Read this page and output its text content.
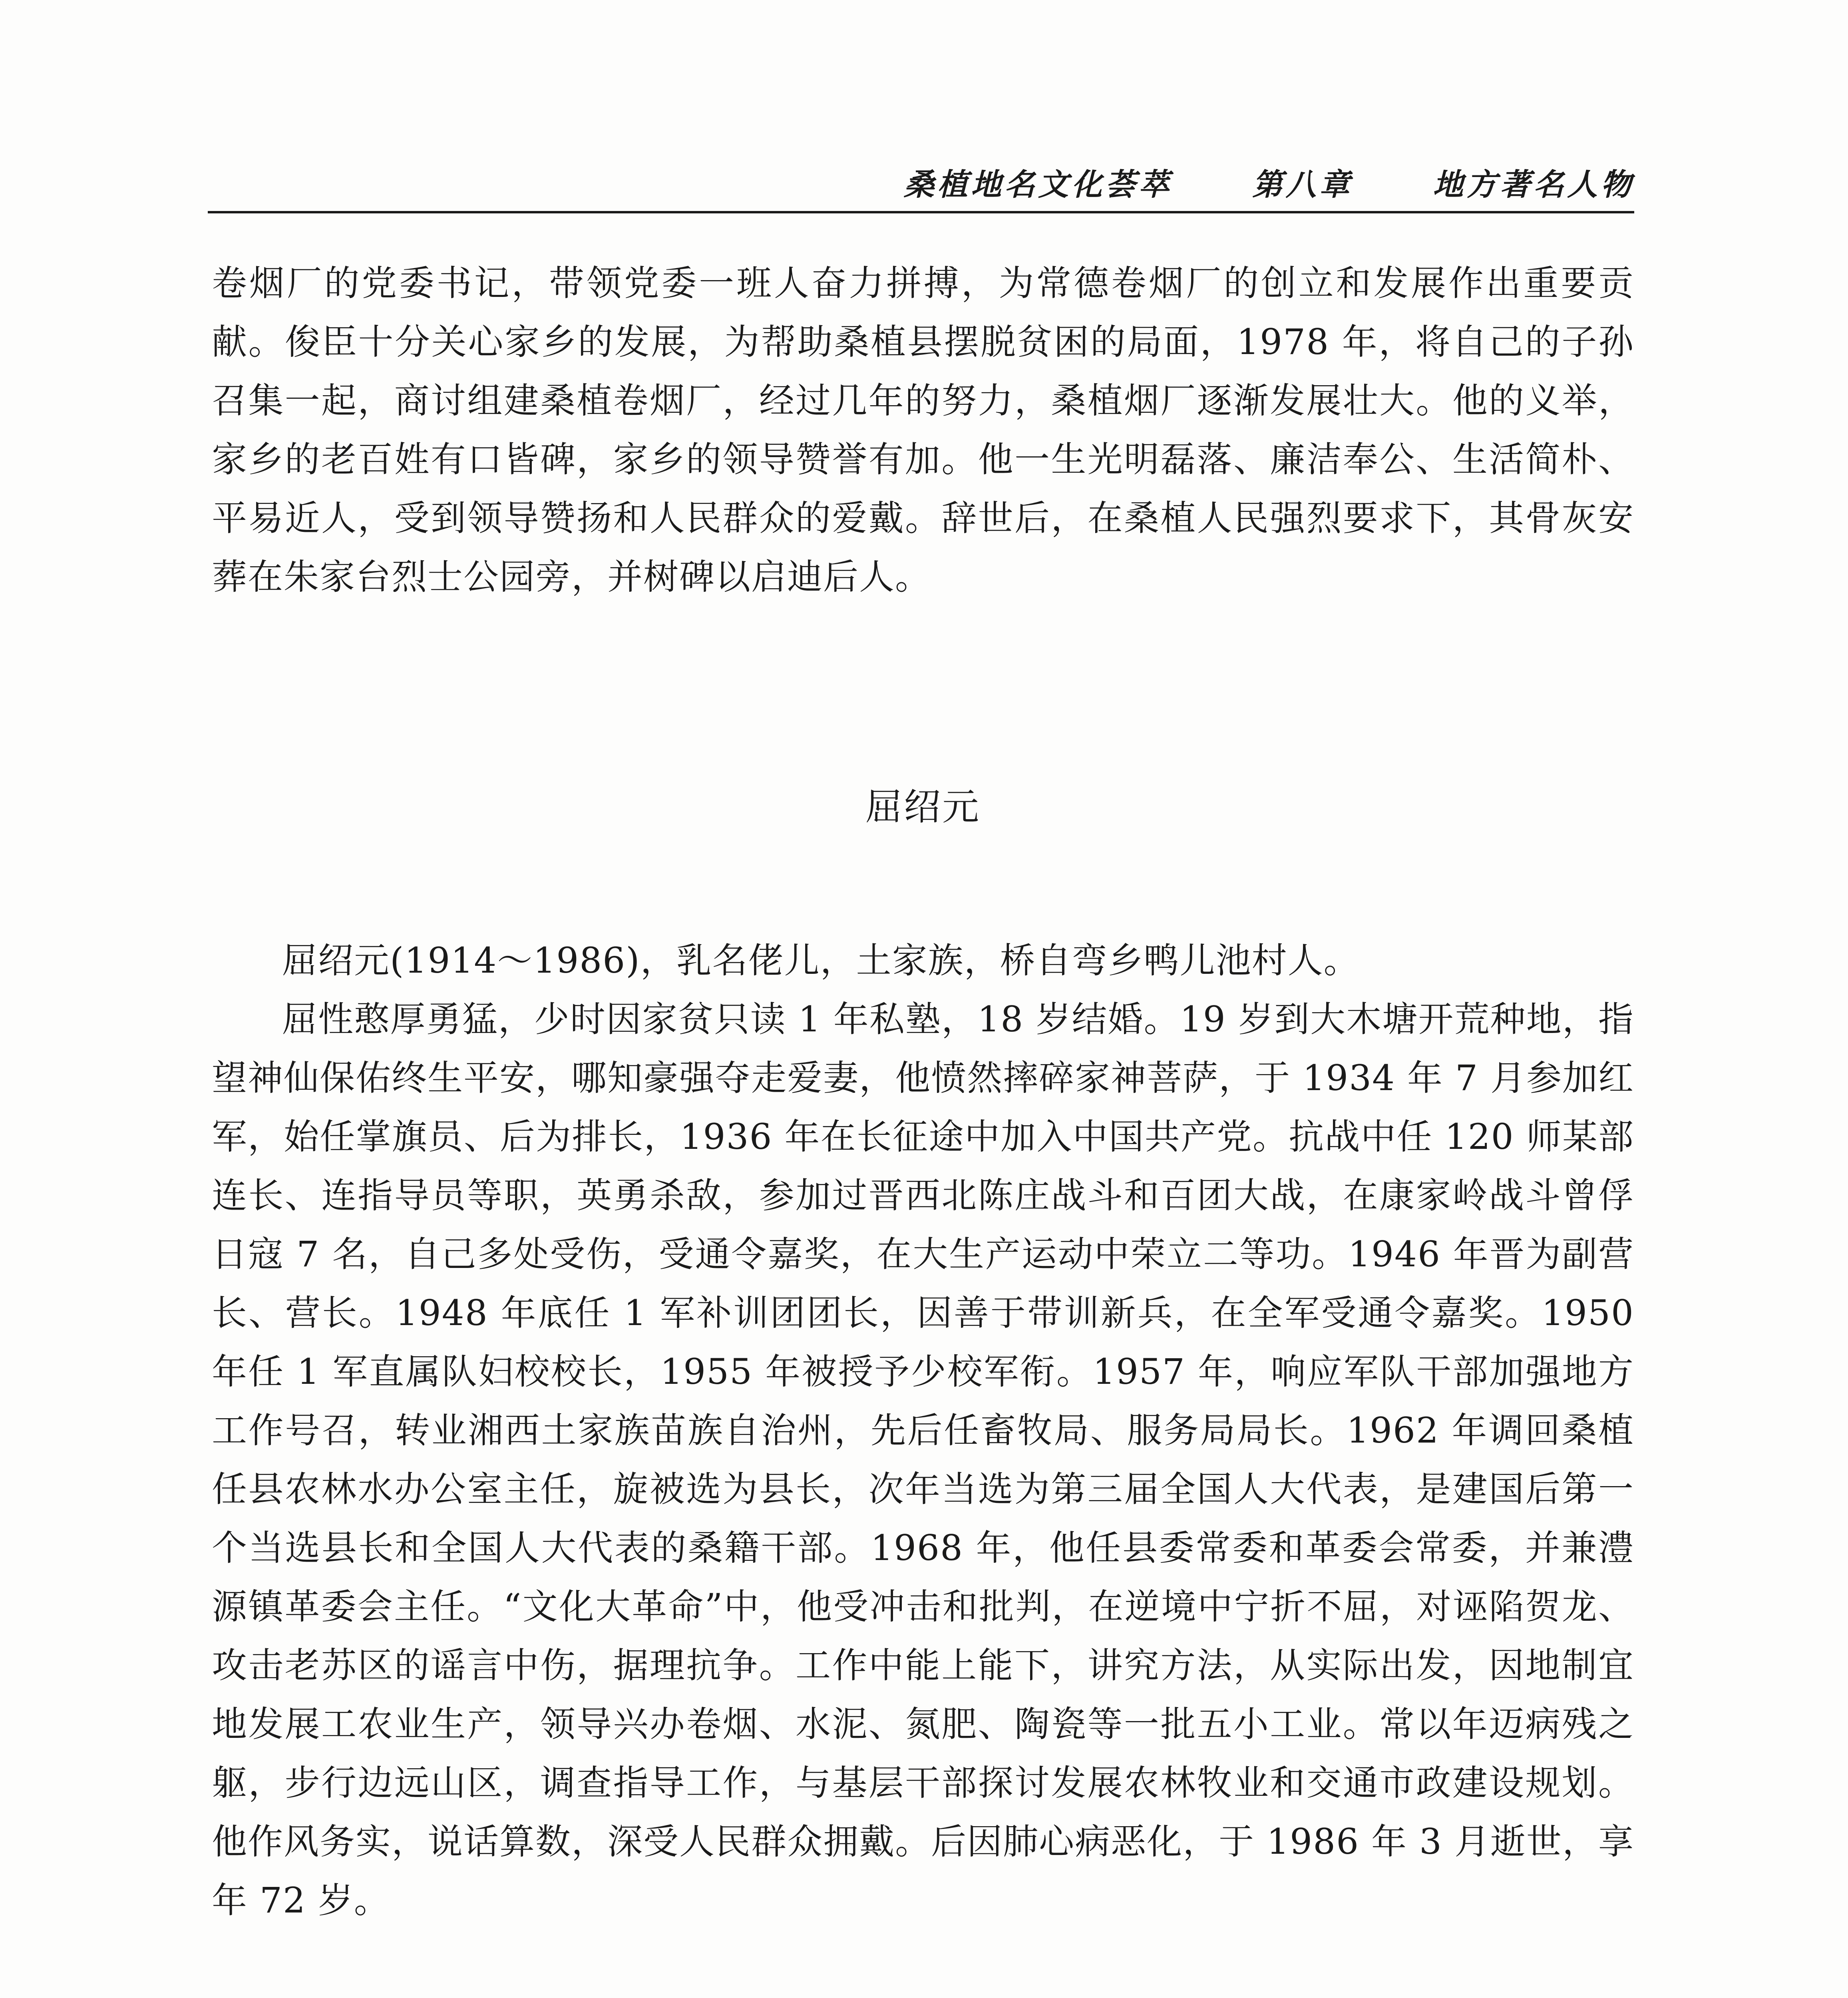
桑植地名文化荟萃	第八章	地方著名人物

卷烟厂的党委书记，带领党委一班人奋力拼搏，为常德卷烟厂的创立和发展作出重要贡献。俊臣十分关心家乡的发展，为帮助桑植县摆脱贫困的局面，1978 年，将自己的子孙召集一起，商讨组建桑植卷烟厂，经过几年的努力，桑植烟厂逐渐发展壮大。他的义举，家乡的老百姓有口皆碑，家乡的领导赞誉有加。他一生光明磊落、廉洁奉公、生活简朴、平易近人，受到领导赞扬和人民群众的爱戴。辞世后，在桑植人民强烈要求下，其骨灰安葬在朱家台烈士公园旁，并树碑以启迪后人。

屈绍元

屈绍元(1914～1986)，乳名佬儿，土家族，桥自弯乡鸭儿池村人。

屈性憨厚勇猛，少时因家贫只读 1 年私塾，18 岁结婚。19 岁到大木塘开荒种地，指望神仙保佑终生平安，哪知豪强夺走爱妻，他愤然摔碎家神菩萨，于 1934 年 7 月参加红军，始任掌旗员、后为排长，1936 年在长征途中加入中国共产党。抗战中任 120 师某部连长、连指导员等职，英勇杀敌，参加过晋西北陈庄战斗和百团大战，在康家岭战斗曾俘日寇 7 名，自己多处受伤，受通令嘉奖，在大生产运动中荣立二等功。1946 年晋为副营长、营长。1948 年底任 1 军补训团团长，因善于带训新兵，在全军受通令嘉奖。1950 年任 1 军直属队妇校校长，1955 年被授予少校军衔。1957 年，响应军队干部加强地方工作号召，转业湘西土家族苗族自治州，先后任畜牧局、服务局局长。1962 年调回桑植任县农林水办公室主任，旋被选为县长，次年当选为第三届全国人大代表，是建国后第一个当选县长和全国人大代表的桑籍干部。1968 年，他任县委常委和革委会常委，并兼澧源镇革委会主任。“文化大革命”中，他受冲击和批判，在逆境中宁折不屈，对诬陷贺龙、攻击老苏区的谣言中伤，据理抗争。工作中能上能下，讲究方法，从实际出发，因地制宜地发展工农业生产，领导兴办卷烟、水泥、氮肥、陶瓷等一批五小工业。常以年迈病残之躯，步行边远山区，调查指导工作，与基层干部探讨发展农林牧业和交通市政建设规划。他作风务实，说话算数，深受人民群众拥戴。后因肺心病恶化，于 1986 年 3 月逝世，享年 72 岁。
